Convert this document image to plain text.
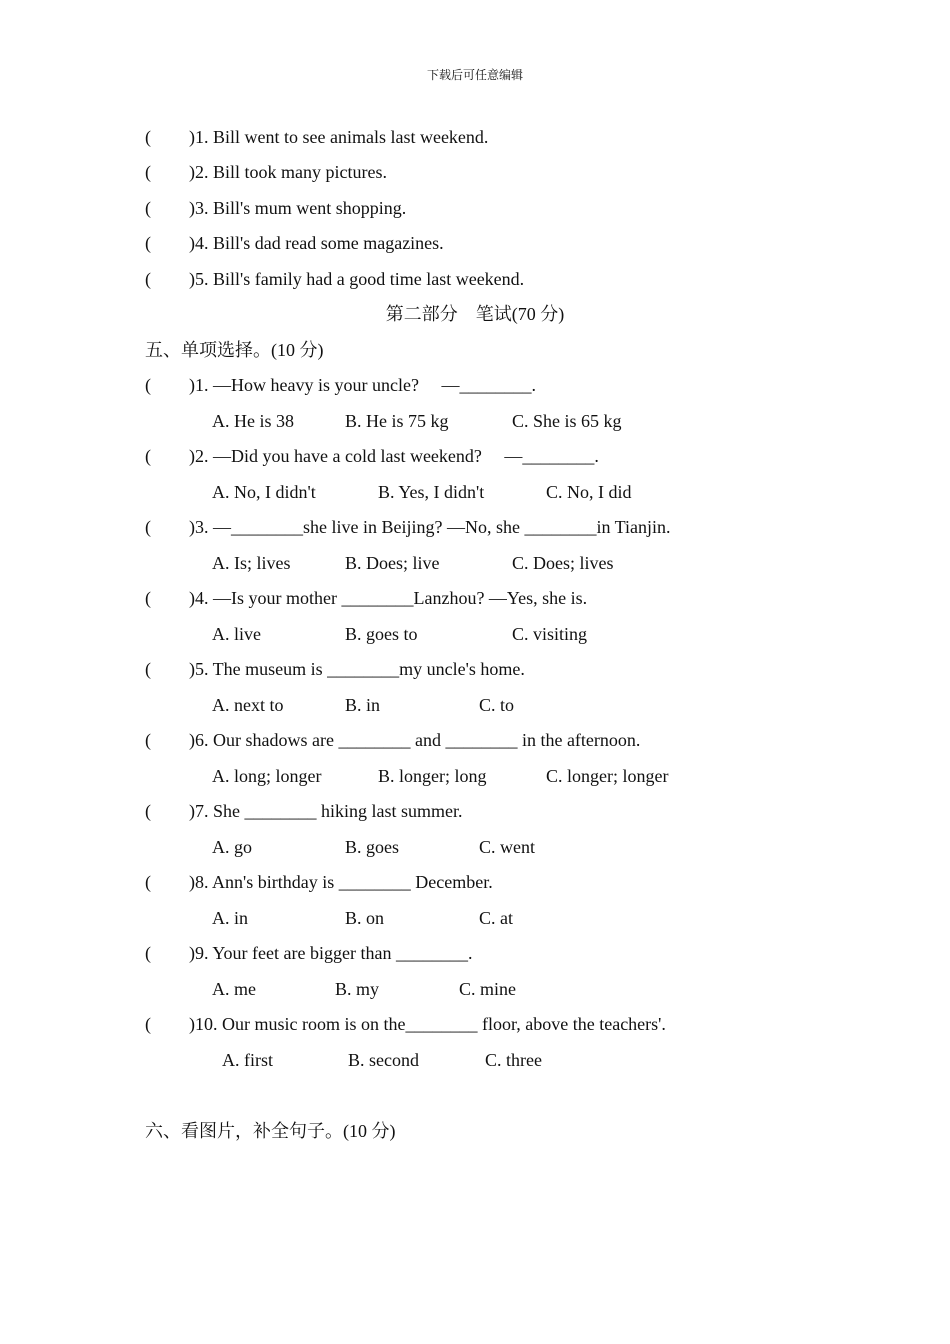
下载后可任意编辑
( )1. Bill went to see animals last weekend.
( )2. Bill took many pictures.
( )3. Bill's mum went shopping.
( )4. Bill's dad read some magazines.
( )5. Bill's family had a good time last weekend.
第二部分　笔试(70 分)
五、单项选择。(10 分)
( )1. —How heavy is your uncle?　 —________.
A. He is 38	B. He is 75 kg	C. She is 65 kg
( )2. —Did you have a cold last weekend?　 —________.
A. No, I didn't	B. Yes, I didn't	C. No, I did
( )3. —________she live in Beijing? —No, she ________in Tianjin.
A. Is; lives	B. Does; live	C. Does; lives
( )4. —Is your mother ________Lanzhou? —Yes, she is.
A. live	B. goes to	C. visiting
( )5. The museum is ________my uncle's home.
A. next to	B. in	C. to
( )6. Our shadows are ________ and ________ in the afternoon.
A. long; longer	B. longer; long	C. longer; longer
( )7. She ________ hiking last summer.
A. go	B. goes	C. went
( )8. Ann's birthday is ________ December.
A. in	B. on	C. at
( )9. Your feet are bigger than ________.
A. me	B. my	C. mine
( )10. Our music room is on the________ floor, above the teachers'.
A. first	B. second	C. three
六、看图片，补全句子。(10 分)
